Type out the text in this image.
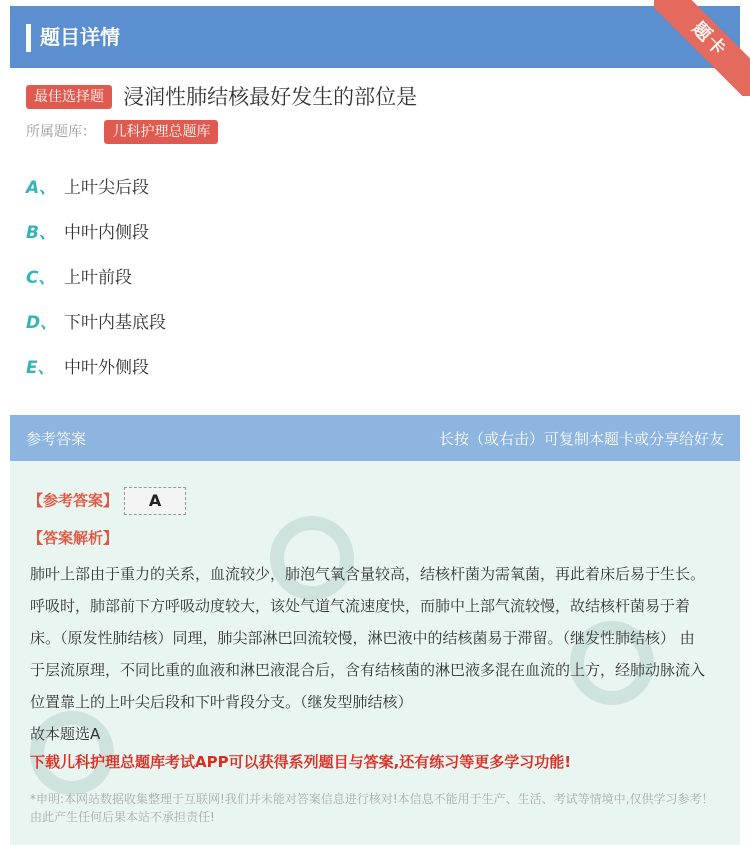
题目详情	题卡
最佳选择题 浸润性肺结核最好发生的部位是
所属题库： 儿科护理总题库
A、 上叶尖后段
B、 中叶内侧段
C、 上叶前段
D、 下叶内基底段
E、 中叶外侧段
参考答案	长按（或右击）可复制本题卡或分享给好友
【参考答案】 A
【答案解析】
肺叶上部由于重力的关系，血流较少，肺泡气氧含量较高，结核杆菌为需氧菌，再此着床后易于生长。 呼吸时，肺部前下方呼吸动度较大，该处气道气流速度快，而肺中上部气流较慢，故结核杆菌易于着床。（原发性肺结核）同理，肺尖部淋巴回流较慢，淋巴液中的结核菌易于滞留。（继发性肺结核） 由于层流原理，不同比重的血液和淋巴液混合后，含有结核菌的淋巴液多混在血流的上方，经肺动脉流入位置靠上的上叶尖后段和下叶背段分支。（继发型肺结核）
故本题选A
下载儿科护理总题库考试APP可以获得系列题目与答案,还有练习等更多学习功能!
*申明:本网站数据收集整理于互联网!我们并未能对答案信息进行核对!本信息不能用于生产、生活、考试等情境中,仅供学习参考！由此产生任何后果本站不承担责任!
